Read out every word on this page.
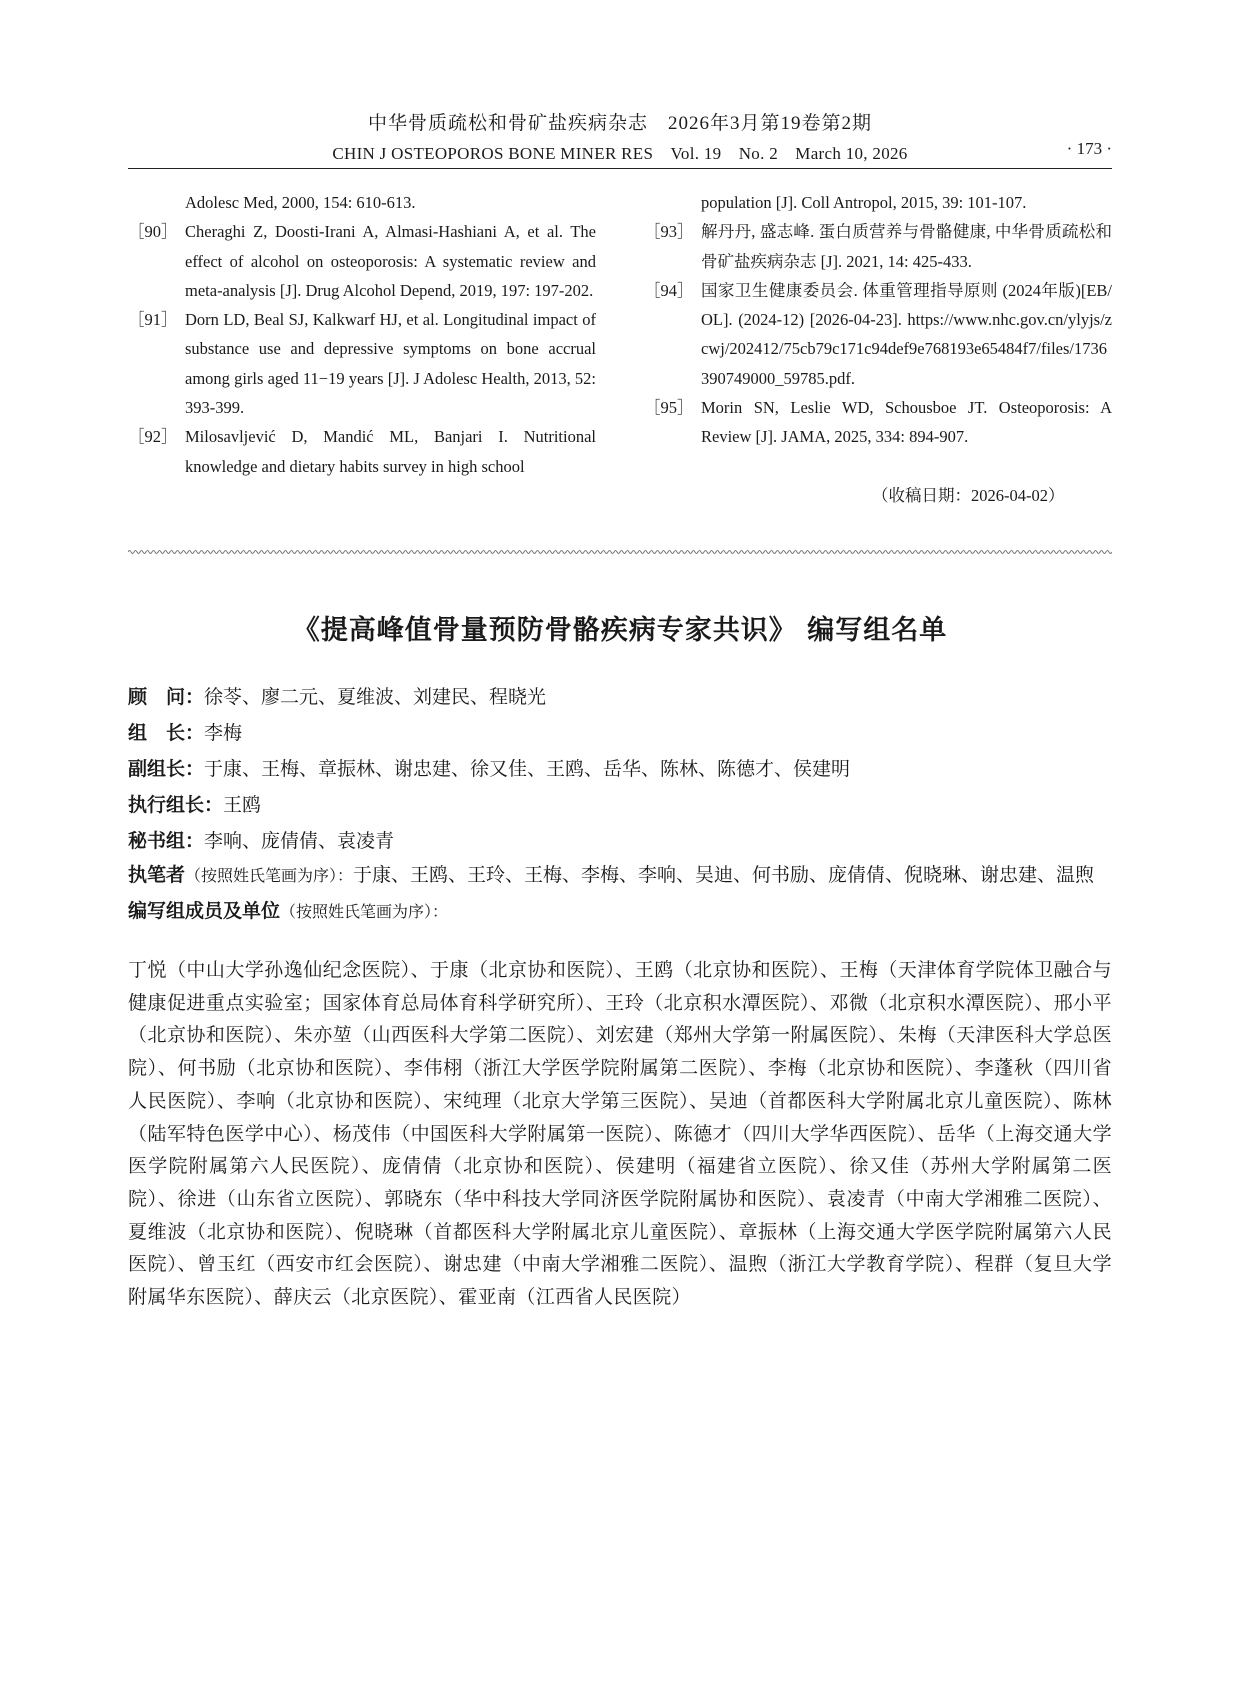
中华骨质疏松和骨矿盐疾病杂志　2026年3月第19卷第2期
CHIN J OSTEOPOROS BONE MINER RES　Vol. 19　No. 2　March 10, 2026	· 173 ·
Adolesc Med, 2000, 154: 610-613.
［90］ Cheraghi Z, Doosti-Irani A, Almasi-Hashiani A, et al. The effect of alcohol on osteoporosis: A systematic review and meta-analysis [J]. Drug Alcohol Depend, 2019, 197: 197-202.
［91］ Dorn LD, Beal SJ, Kalkwarf HJ, et al. Longitudinal impact of substance use and depressive symptoms on bone accrual among girls aged 11−19 years [J]. J Adolesc Health, 2013, 52: 393-399.
［92］ Milosavljević D, Mandić ML, Banjari I. Nutritional knowledge and dietary habits survey in high school
population [J]. Coll Antropol, 2015, 39: 101-107.
［93］ 解丹丹, 盛志峰. 蛋白质营养与骨骼健康, 中华骨质疏松和骨矿盐疾病杂志 [J]. 2021, 14: 425-433.
［94］ 国家卫生健康委员会. 体重管理指导原则 (2024年版)[EB/OL]. (2024-12) [2026-04-23]. https://www.nhc.gov.cn/ylyjs/zcwj/202412/75cb79c171c94def9e768193e65484f7/files/1736390749000_59785.pdf.
［95］ Morin SN, Leslie WD, Schousboe JT. Osteoporosis: A Review [J]. JAMA, 2025, 334: 894-907.
（收稿日期：2026-04-02）
《提高峰值骨量预防骨骼疾病专家共识》 编写组名单
顾　问：徐苓、廖二元、夏维波、刘建民、程晓光
组　长：李梅
副组长：于康、王梅、章振林、谢忠建、徐又佳、王鸥、岳华、陈林、陈德才、侯建明
执行组长：王鸥
秘书组：李响、庞倩倩、袁凌青
执笔者（按照姓氏笔画为序）：于康、王鸥、王玲、王梅、李梅、李响、吴迪、何书励、庞倩倩、倪晓琳、谢忠建、温煦
编写组成员及单位（按照姓氏笔画为序）：
丁悦（中山大学孙逸仙纪念医院）、于康（北京协和医院）、王鸥（北京协和医院）、王梅（天津体育学院体卫融合与健康促进重点实验室；国家体育总局体育科学研究所）、王玲（北京积水潭医院）、邓微（北京积水潭医院）、邢小平（北京协和医院）、朱亦堃（山西医科大学第二医院）、刘宏建（郑州大学第一附属医院）、朱梅（天津医科大学总医院）、何书励（北京协和医院）、李伟栩（浙江大学医学院附属第二医院）、李梅（北京协和医院）、李蓬秋（四川省人民医院）、李响（北京协和医院）、宋纯理（北京大学第三医院）、吴迪（首都医科大学附属北京儿童医院）、陈林（陆军特色医学中心）、杨茂伟（中国医科大学附属第一医院）、陈德才（四川大学华西医院）、岳华（上海交通大学医学院附属第六人民医院）、庞倩倩（北京协和医院）、侯建明（福建省立医院）、徐又佳（苏州大学附属第二医院）、徐进（山东省立医院）、郭晓东（华中科技大学同济医学院附属协和医院）、袁凌青（中南大学湘雅二医院）、夏维波（北京协和医院）、倪晓琳（首都医科大学附属北京儿童医院）、章振林（上海交通大学医学院附属第六人民医院）、曾玉红（西安市红会医院）、谢忠建（中南大学湘雅二医院）、温煦（浙江大学教育学院）、程群（复旦大学附属华东医院）、薛庆云（北京医院）、霍亚南（江西省人民医院）
